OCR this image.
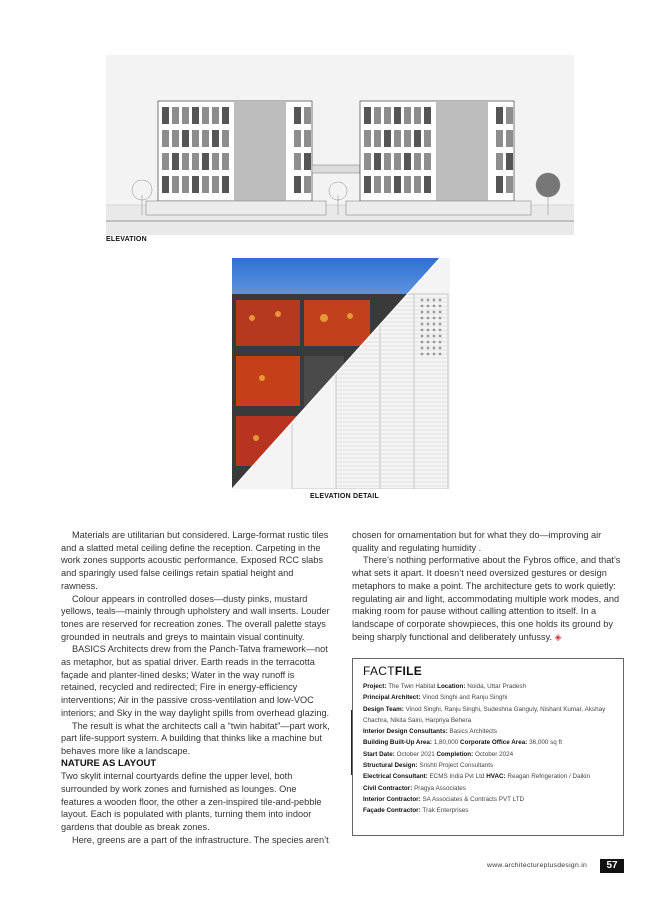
ELEVATION
ELEVATION DETAIL

Materials are utilitarian but considered. Large-format rustic tiles and a slatted metal ceiling define the reception. Carpeting in the work zones supports acoustic performance. Exposed RCC slabs and sparingly used false ceilings retain spatial height and rawness.

Colour appears in controlled doses—dusty pinks, mustard yellows, teals—mainly through upholstery and wall inserts. Louder tones are reserved for recreation zones. The overall palette stays grounded in neutrals and greys to maintain visual continuity.

BASICS Architects drew from the Panch-Tatva framework—not as metaphor, but as spatial driver. Earth reads in the terracotta façade and planter-lined desks; Water in the way runoff is retained, recycled and redirected; Fire in energy-efficiency interventions; Air in the passive cross-ventilation and low-VOC interiors; and Sky in the way daylight spills from overhead glazing.

The result is what the architects call a “twin habitat”—part work, part life-support system. A building that thinks like a machine but behaves more like a landscape.

NATURE AS LAYOUT

Two skylit internal courtyards define the upper level, both surrounded by work zones and furnished as lounges. One features a wooden floor, the other a zen-inspired tile-and-pebble layout. Each is populated with plants, turning them into indoor gardens that double as break zones.

Here, greens are a part of the infrastructure. The species aren’t

chosen for ornamentation but for what they do—improving air quality and regulating humidity .

There’s nothing performative about the Fybros office, and that’s what sets it apart. It doesn’t need oversized gestures or design metaphors to make a point. The architecture gets to work quietly: regulating air and light, accommodating multiple work modes, and making room for pause without calling attention to itself. In a landscape of corporate showpieces, this one holds its ground by being sharply functional and deliberately unfussy. ◈

FACTFILE
Project: The Twin Habitat Location: Noida, Uttar Pradesh
Principal Architect: Vinod Singhi and Ranju Singhi
Design Team: Vinod Singhi, Ranju Singhi, Sudeshna Ganguly, Nishant Kumar, Akshay
Chachra, Nikita Saini, Harpriya Behera
Interior Design Consultants: Basics Architects
Building Built-Up Area: 1,80,000 Corporate Office Area: 36,000 sq ft
Start Date: October 2021 Completion: October 2024
Structural Design: Srishti Project Consultants
Electrical Consultant: ECMS India Pvt Ltd HVAC: Reagan Refrigeration / Daikin
Civil Contractor: Pragya Associates
Interior Contractor: SA Associates & Contracts PVT LTD
Façade Contractor: Trak Enterprises
www.architectureplusdesign.in	57
